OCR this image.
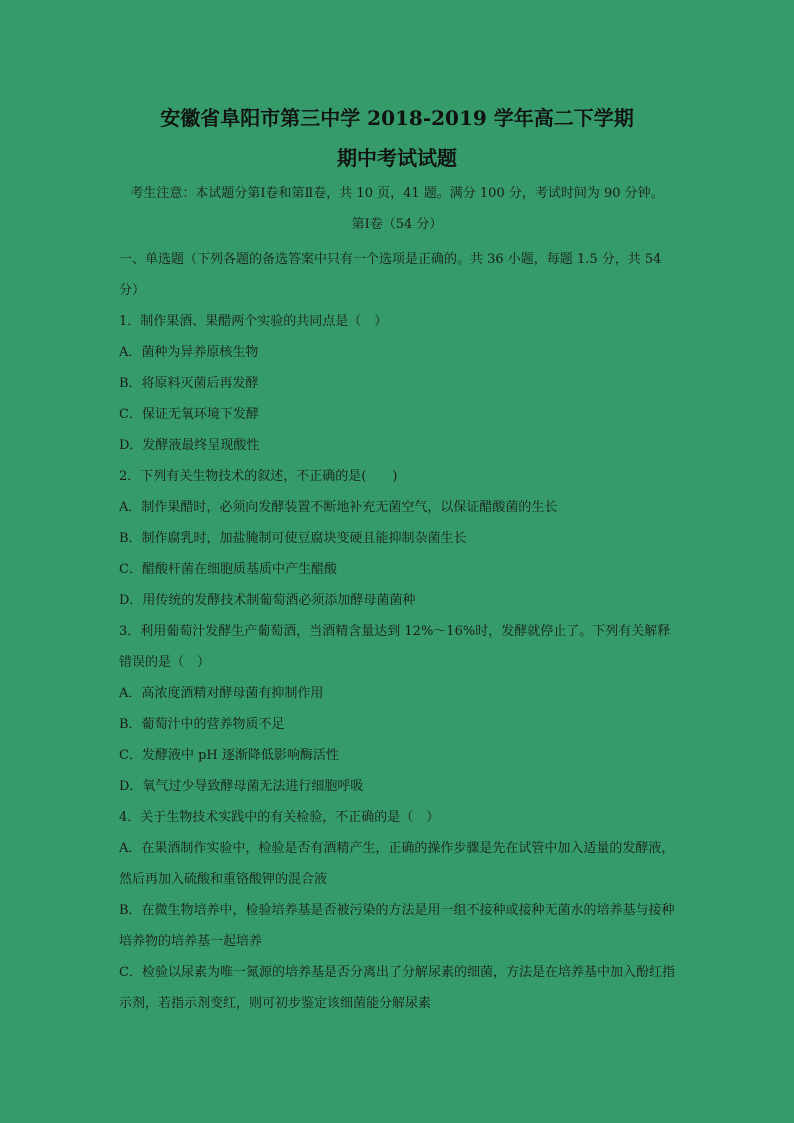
安徽省阜阳市第三中学 2018-2019 学年高二下学期
期中考试试题
考生注意：本试题分第Ⅰ卷和第Ⅱ卷，共 10 页，41 题。满分 100 分，考试时间为 90 分钟。
第Ⅰ卷（54 分）
一、单选题（下列各题的备选答案中只有一个选项是正确的。共 36 小题，每题 1.5 分，共 54 分）
1．制作果酒、果醋两个实验的共同点是（　）
A．菌种为异养原核生物
B．将原料灭菌后再发酵
C．保证无氧环境下发酵
D．发酵液最终呈现酸性
2．下列有关生物技术的叙述，不正确的是(　　)
A．制作果醋时，必须向发酵装置不断地补充无菌空气，以保证醋酸菌的生长
B．制作腐乳时，加盐腌制可使豆腐块变硬且能抑制杂菌生长
C．醋酸杆菌在细胞质基质中产生醋酸
D．用传统的发酵技术制葡萄酒必须添加酵母菌菌种
3．利用葡萄汁发酵生产葡萄酒，当酒精含量达到 12%～16%时，发酵就停止了。下列有关解释错误的是（　）
A．高浓度酒精对酵母菌有抑制作用
B．葡萄汁中的营养物质不足
C．发酵液中 pH 逐渐降低影响酶活性
D．氧气过少导致酵母菌无法进行细胞呼吸
4．关于生物技术实践中的有关检验，不正确的是（　）
A．在果酒制作实验中，检验是否有酒精产生，正确的操作步骤是先在试管中加入适量的发酵液，然后再加入硫酸和重铬酸钾的混合液
B．在微生物培养中，检验培养基是否被污染的方法是用一组不接种或接种无菌水的培养基与接种培养物的培养基一起培养
C．检验以尿素为唯一氮源的培养基是否分离出了分解尿素的细菌，方法是在培养基中加入酚红指示剂，若指示剂变红，则可初步鉴定该细菌能分解尿素
